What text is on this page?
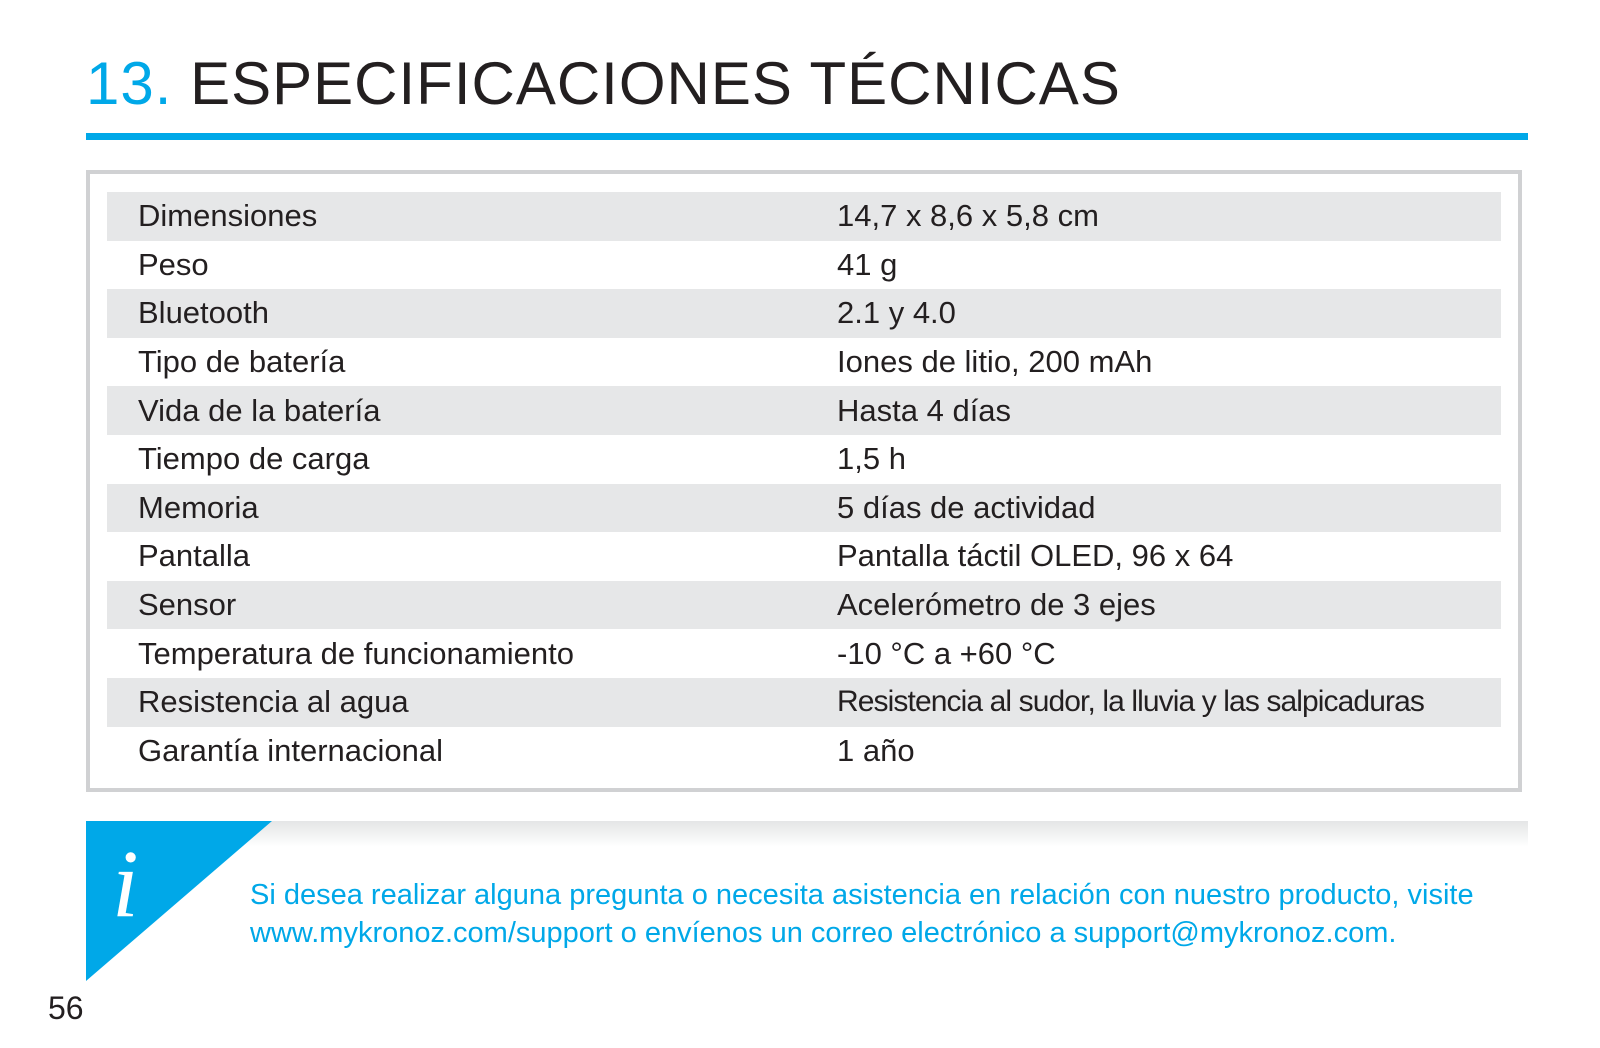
13. ESPECIFICACIONES TÉCNICAS
Dimensiones	14,7 x 8,6 x 5,8 cm
Peso	41 g
Bluetooth	2.1 y 4.0
Tipo de batería	Iones de litio, 200 mAh
Vida de la batería	Hasta 4 días
Tiempo de carga	1,5 h
Memoria	5 días de actividad
Pantalla	Pantalla táctil OLED, 96 x 64
Sensor	Acelerómetro de 3 ejes
Temperatura de funcionamiento	-10 °C a +60 °C
Resistencia al agua	Resistencia al sudor, la lluvia y las salpicaduras
Garantía internacional	1 año
i	Si desea realizar alguna pregunta o necesita asistencia en relación con nuestro producto, visite
www.mykronoz.com/support o envíenos un correo electrónico a support@mykronoz.com.
56
